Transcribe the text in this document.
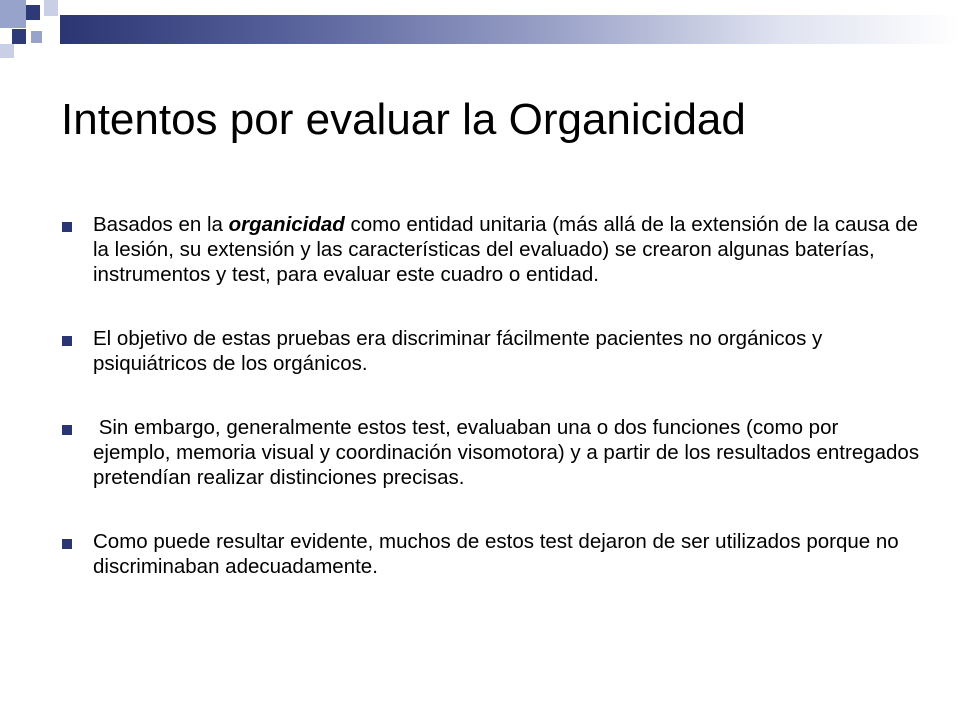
Intentos por evaluar la Organicidad
Basados en la organicidad como entidad unitaria (más allá de la extensión de la causa de la lesión, su extensión y las características del evaluado) se crearon algunas baterías, instrumentos y test, para evaluar este cuadro o entidad.
El objetivo de estas pruebas era discriminar fácilmente pacientes no orgánicos y psiquiátricos de los orgánicos.
Sin embargo, generalmente estos test, evaluaban una o dos funciones (como por ejemplo, memoria visual y coordinación visomotora) y a partir de los resultados entregados pretendían realizar distinciones precisas.
Como puede resultar evidente, muchos de estos test dejaron de ser utilizados porque no discriminaban adecuadamente.
